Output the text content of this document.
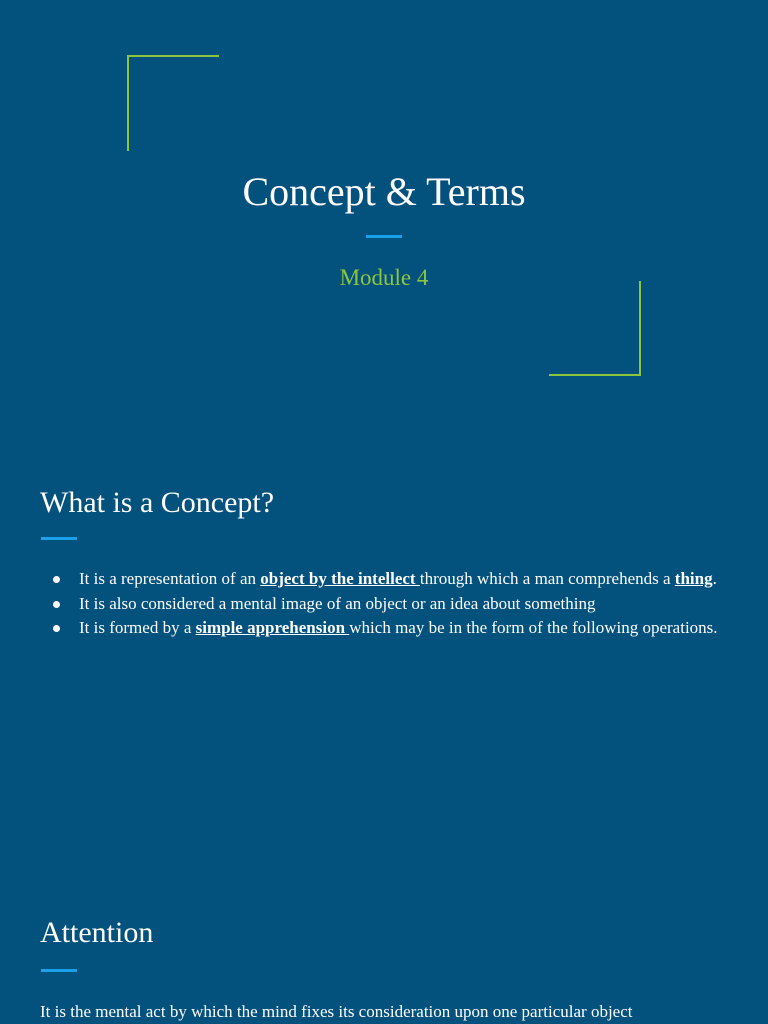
Concept & Terms
Module 4
What is a Concept?
It is a representation of an object by the intellect through which a man comprehends a thing.
It is also considered a mental image of an object or an idea about something
It is formed by a simple apprehension which may be in the form of the following operations.
Attention
It is the mental act by which the mind fixes its consideration upon one particular object
